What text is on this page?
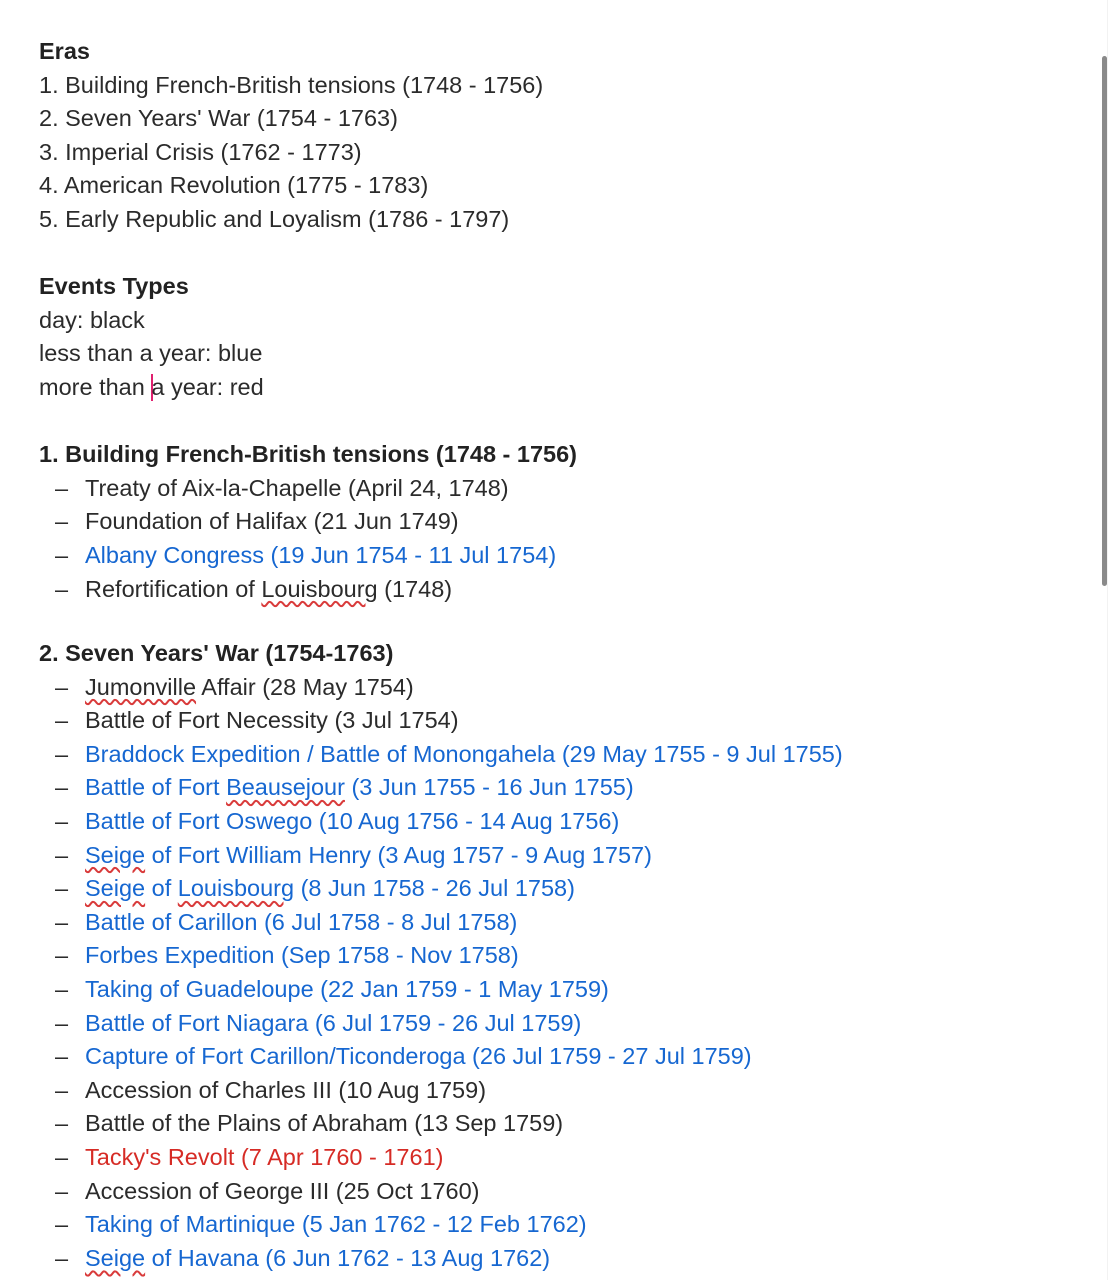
Eras
1. Building French-British tensions (1748 - 1756)
2. Seven Years' War (1754 - 1763)
3. Imperial Crisis (1762 - 1773)
4. American Revolution (1775 - 1783)
5. Early Republic and Loyalism (1786 - 1797)
Events Types
day: black
less than a year: blue
more than a year: red
1. Building French-British tensions (1748 - 1756)
– Treaty of Aix-la-Chapelle (April 24, 1748)
– Foundation of Halifax (21 Jun 1749)
– Albany Congress (19 Jun 1754 - 11 Jul 1754)
– Refortification of Louisbourg (1748)
2. Seven Years' War (1754-1763)
– Jumonville Affair (28 May 1754)
– Battle of Fort Necessity (3 Jul 1754)
– Braddock Expedition / Battle of Monongahela (29 May 1755 - 9 Jul 1755)
– Battle of Fort Beausejour (3 Jun 1755 - 16 Jun 1755)
– Battle of Fort Oswego (10 Aug 1756 - 14 Aug 1756)
– Seige of Fort William Henry (3 Aug 1757 - 9 Aug 1757)
– Seige of Louisbourg (8 Jun 1758 - 26 Jul 1758)
– Battle of Carillon (6 Jul 1758 - 8 Jul 1758)
– Forbes Expedition (Sep 1758 - Nov 1758)
– Taking of Guadeloupe (22 Jan 1759 - 1 May 1759)
– Battle of Fort Niagara (6 Jul 1759 - 26 Jul 1759)
– Capture of Fort Carillon/Ticonderoga (26 Jul 1759 - 27 Jul 1759)
– Accession of Charles III (10 Aug 1759)
– Battle of the Plains of Abraham (13 Sep 1759)
– Tacky's Revolt (7 Apr 1760 - 1761)
– Accession of George III (25 Oct 1760)
– Taking of Martinique (5 Jan 1762 - 12 Feb 1762)
– Seige of Havana (6 Jun 1762 - 13 Aug 1762)
